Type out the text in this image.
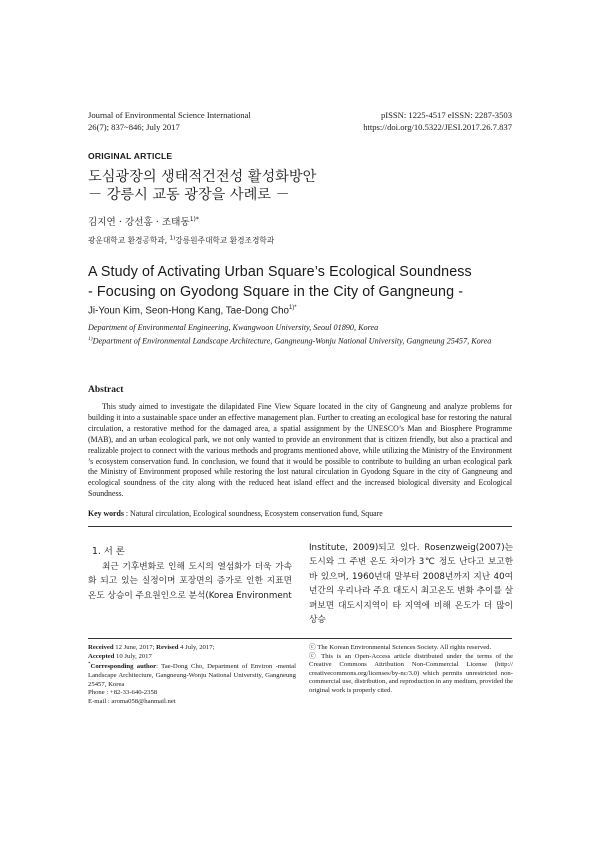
Journal of Environmental Science International
26(7); 837~846; July 2017
pISSN: 1225-4517 eISSN: 2287-3503
https://doi.org/10.5322/JESI.2017.26.7.837
ORIGINAL ARTICLE
도심광장의 생태적건전성 활성화방안
－ 강릉시 교동 광장을 사례로 －
김지연 · 강선홍 · 조태동$^{1)*}$
광운대학교 환경공학과, $^{1)}$강릉원주대학교 환경조경학과
A Study of Activating Urban Square’s Ecological Soundness
- Focusing on Gyodong Square in the City of Gangneung -
Ji-Youn Kim, Seon-Hong Kang, Tae-Dong Cho$^{1)*}$
Department of Environmental Engineering, Kwangwoon University, Seoul 01890, Korea
$^{1)}$Department of Environmental Landscape Architecture, Gangneung-Wonju National University, Gangneung 25457, Korea
Abstract
This study aimed to investigate the dilapidated Fine View Square located in the city of Gangneung and analyze problems for building it into a sustainable space under an effective management plan. Further to creating an ecological base for restoring the natural circulation, a restorative method for the damaged area, a spatial assignment by the UNESCO’s Man and Biosphere Programme (MAB), and an urban ecological park, we not only wanted to provide an environment that is citizen friendly, but also a practical and realizable project to connect with the various methods and programs mentioned above, while utilizing the Ministry of the Environment ’s ecosystem conservation fund. In conclusion, we found that it would be possible to contribute to building an urban ecological park the Ministry of Environment proposed while restoring the lost natural circulation in Gyodong Square in the city of Gangneung and ecological soundness of the city along with the reduced heat island effect and the increased biological diversity and Ecological Soundness.
Key words : Natural circulation, Ecological soundness, Ecosystem conservation fund, Square
1. 서 론
최근 기후변화로 인해 도시의 열섬화가 더욱 가속화 되고 있는 실정이며 포장면의 증가로 인한 지표면 온도 상승이 주요원인으로 분석(Korea Environment
Institute, 2009)되고 있다. Rosenzweig(2007)는 도시와 그 주변 온도 차이가 3℃ 정도 난다고 보고한 바 있으며, 1960년대 말부터 2008년까지 지난 40여 년간의 우리나라 주요 대도시 최고온도 변화 추이를 살펴보면 대도시지역이 타 지역에 비해 온도가 더 많이 상승
Received 12 June, 2017; Revised 4 July, 2017;
Accepted 10 July, 2017
*Corresponding author: Tae-Dong Cho, Department of Environ -mental Landscape Architecture, Gangneung-Wonju National University, Gangneung 25457, Korea
Phone : +82-33-640-2358
E-mail : aroma058@hanmail.net
ⓒ The Korean Environmental Sciences Society. All rights reserved.
ⓒ This is an Open-Access article distributed under the terms of the Creative Commons Attribution Non-Commercial License (http:// creativecommons.org/licenses/by-nc/3.0) which permits unrestricted non-commercial use, distribution, and reproduction in any medium, provided the original work is properly cited.
